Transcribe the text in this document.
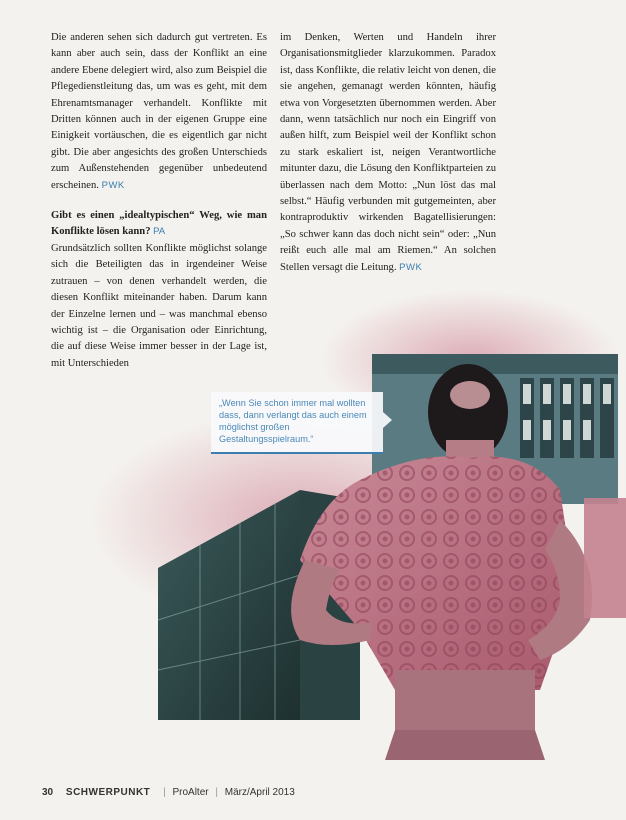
Die anderen sehen sich dadurch gut vertreten. Es kann aber auch sein, dass der Konflikt an eine andere Ebene delegiert wird, also zum Beispiel die Pflegedienstleitung das, um was es geht, mit dem Ehrenamtsmanager verhandelt. Konflikte mit Dritten können auch in der eigenen Gruppe eine Einigkeit vortäuschen, die es eigentlich gar nicht gibt. Die aber angesichts des großen Unterschieds zum Außenstehenden gegenüber unbedeutend erscheinen. PWK

Gibt es einen „idealtypischen“ Weg, wie man Konflikte lösen kann? PA

Grundsätzlich sollten Konflikte möglichst solange sich die Beteiligten das in irgendeiner Weise zutrauen – von denen verhandelt werden, die diesen Konflikt miteinander haben. Darum kann der Einzelne lernen und – was manchmal ebenso wichtig ist – die Organisation oder Einrichtung, die auf diese Weise immer besser in der Lage ist, mit Unterschieden

im Denken, Werten und Handeln ihrer Organisationsmitglieder klarzukommen. Paradox ist, dass Konflikte, die relativ leicht von denen, die sie angehen, gemanagt werden könnten, häufig etwa von Vorgesetzten übernommen werden. Aber dann, wenn tatsächlich nur noch ein Eingriff von außen hilft, zum Beispiel weil der Konflikt schon zu stark eskaliert ist, neigen Verantwortliche mitunter dazu, die Lösung den Konfliktparteien zu überlassen nach dem Motto: „Nun löst das mal selbst.“ Häufig verbunden mit gutgemeinten, aber kontraproduktiv wirkenden Bagatellisierungen: „So schwer kann das doch nicht sein“ oder: „Nun reißt euch alle mal am Riemen.“ An solchen Stellen versagt die Leitung. PWK

„Wenn Sie schon immer mal wollten dass, dann verlangt das auch einem möglichst großen Gestaltungsspielraum.“
30 SCHWERPUNKT | ProAlter | März/April 2013
